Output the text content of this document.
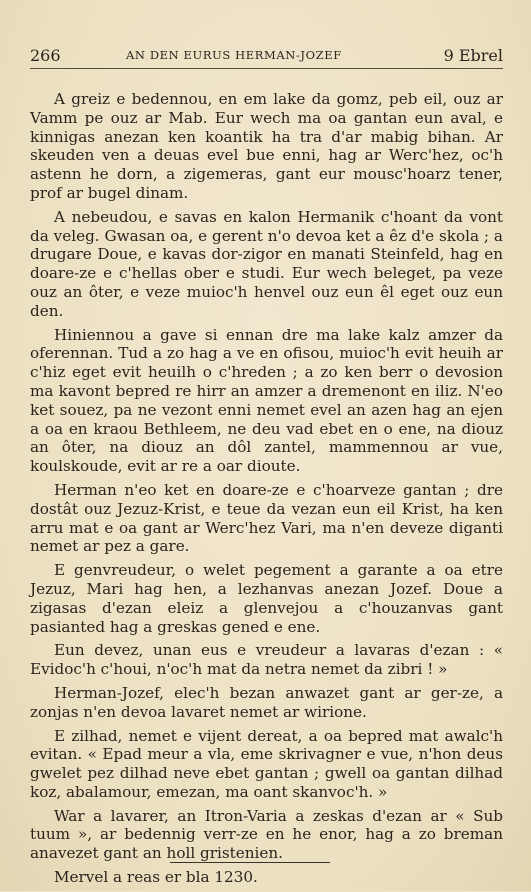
266	AN DEN EURUS HERMAN-JOZEF	9 Ebrel

A greiz e bedennou, en em lake da gomz, peb eil, ouz ar Vamm pe ouz ar Mab. Eur wech ma oa gantan eun aval, e kinnigas anezan ken koantik ha tra d'ar mabig bihan. Ar skeuden ven a deuas evel bue enni, hag ar Werc'hez, oc'h astenn he dorn, a zigemeras, gant eur mousc'hoarz tener, prof ar bugel dinam.

A nebeudou, e savas en kalon Hermanik c'hoant da vont da veleg. Gwasan oa, e gerent n'o devoa ket a êz d'e skola ; a drugare Doue, e kavas dor-zigor en manati Steinfeld, hag en doare-ze e c'hellas ober e studi. Eur wech beleget, pa veze ouz an ôter, e veze muioc'h henvel ouz eun êl eget ouz eun den.

Hiniennou a gave si ennan dre ma lake kalz amzer da oferennan. Tud a zo hag a ve en ofisou, muioc'h evit heuih ar c'hiz eget evit heuilh o c'hreden ; a zo ken berr o devosion ma kavont bepred re hirr an amzer a dremenont en iliz. N'eo ket souez, pa ne vezont enni nemet evel an azen hag an ejen a oa en kraou Bethleem, ne deu vad ebet en o ene, na diouz an ôter, na diouz an dôl zantel, mammennou ar vue, koulskoude, evit ar re a oar dioute.

Herman n'eo ket en doare-ze e c'hoarveze gantan ; dre dostât ouz Jezuz-Krist, e teue da vezan eun eil Krist, ha ken arru mat e oa gant ar Werc'hez Vari, ma n'en deveze diganti nemet ar pez a gare.

E genvreudeur, o welet pegement a garante a oa etre Jezuz, Mari hag hen, a lezhanvas anezan Jozef. Doue a zigasas d'ezan eleiz a glenvejou a c'houzanvas gant pasianted hag a greskas gened e ene.

Eun devez, unan eus e vreudeur a lavaras d'ezan : « Evidoc'h c'houi, n'oc'h mat da netra nemet da zibri ! »

Herman-Jozef, elec'h bezan anwazet gant ar ger-ze, a zonjas n'en devoa lavaret nemet ar wirione.

E zilhad, nemet e vijent dereat, a oa bepred mat awalc'h evitan. « Epad meur a vla, eme skrivagner e vue, n'hon deus gwelet pez dilhad neve ebet gantan ; gwell oa gantan dilhad koz, abalamour, emezan, ma oant skanvoc'h. »

War a lavarer, an Itron-Varia a zeskas d'ezan ar « Sub tuum », ar bedennig verr-ze en he enor, hag a zo breman anavezet gant an holl gristenien.

Mervel a reas er bla 1230.
